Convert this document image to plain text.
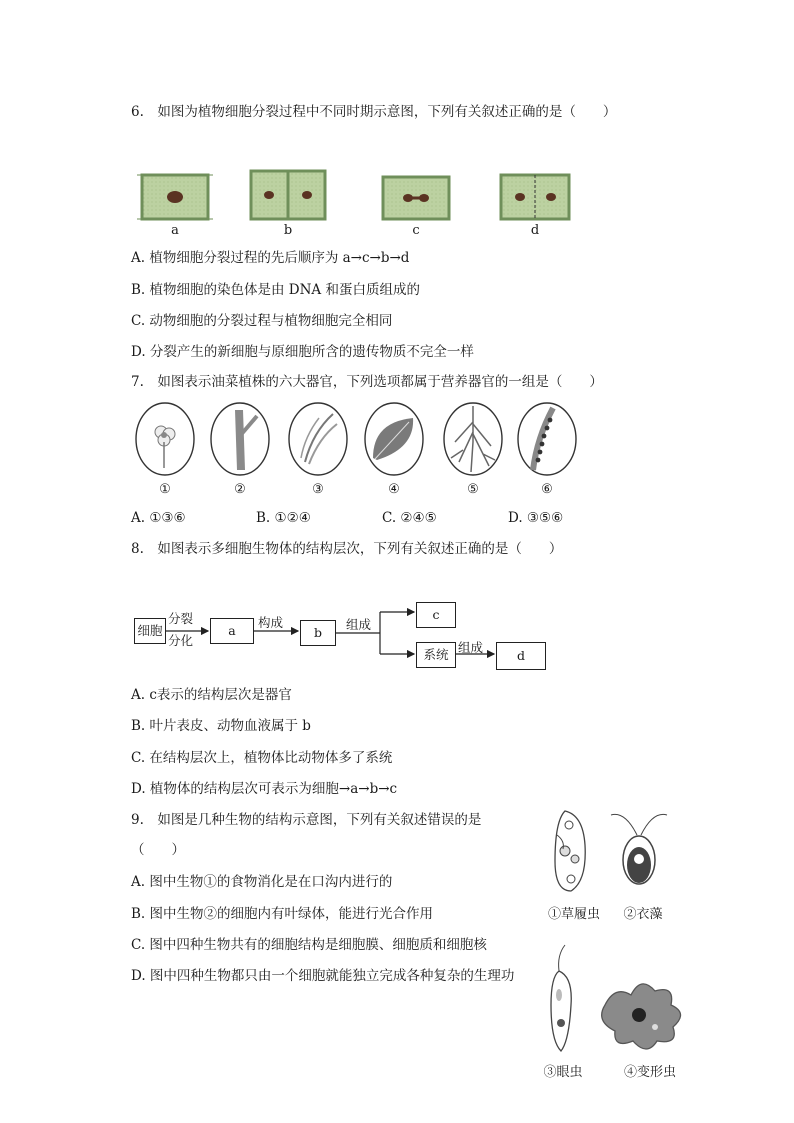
6.　如图为植物细胞分裂过程中不同时期示意图，下列有关叙述正确的是（　　）
a	b	c	d
A. 植物细胞分裂过程的先后顺序为 a→c→b→d
B. 植物细胞的染色体是由 DNA 和蛋白质组成的
C. 动物细胞的分裂过程与植物细胞完全相同
D. 分裂产生的新细胞与原细胞所含的遗传物质不完全一样
7.　如图表示油菜植株的六大器官，下列选项都属于营养器官的一组是（　　）
①	②	③	④	⑤	⑥
A. ①③⑥	B. ①②④	C. ②④⑤	D. ③⑤⑥
8.　如图表示多细胞生物体的结构层次，下列有关叙述正确的是（　　）
细胞
分裂
分化
a
构成
b
组成
c
系统 组成
d
A. c表示的结构层次是器官
B. 叶片表皮、动物血液属于 b
C. 在结构层次上，植物体比动物体多了系统
D. 植物体的结构层次可表示为细胞→a→b→c
9.　如图是几种生物的结构示意图，下列有关叙述错误的是
（　　）
A. 图中生物①的食物消化是在口沟内进行的
B. 图中生物②的细胞内有叶绿体，能进行光合作用
C. 图中四种生物共有的细胞结构是细胞膜、细胞质和细胞核
D. 图中四种生物都只由一个细胞就能独立完成各种复杂的生理功
①草履虫	②衣藻
③眼虫	④变形虫
